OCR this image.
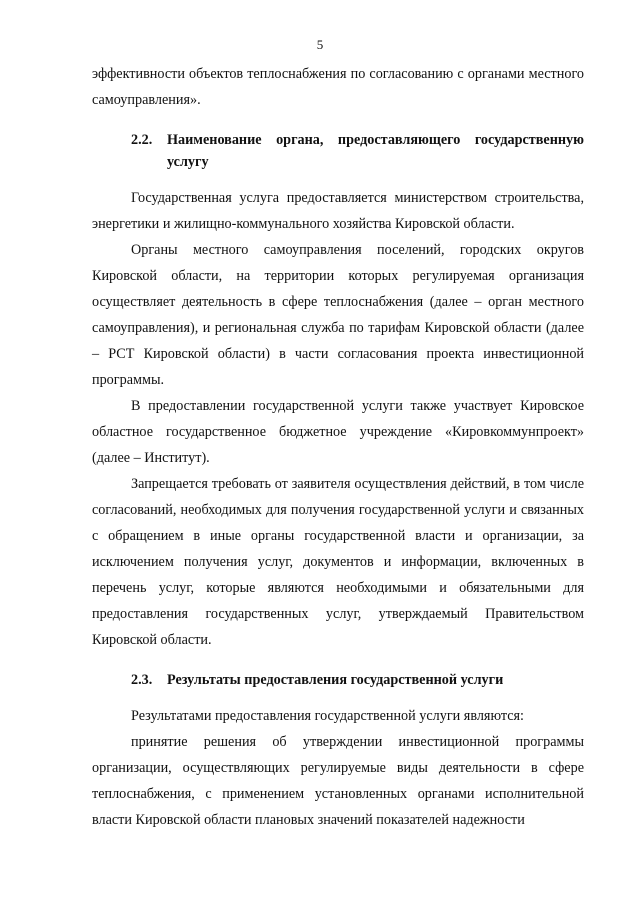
5

эффективности объектов теплоснабжения по согласованию с органами местного самоуправления».

2.2.	Наименование органа, предоставляющего государственную услугу

Государственная услуга предоставляется министерством строительства, энергетики и жилищно-коммунального хозяйства Кировской области.

Органы местного самоуправления поселений, городских округов Кировской области, на территории которых регулируемая организация осуществляет деятельность в сфере теплоснабжения (далее – орган местного самоуправления), и региональная служба по тарифам Кировской области (далее – РСТ Кировской области) в части согласования проекта инвестиционной программы.

В предоставлении государственной услуги также участвует Кировское областное государственное бюджетное учреждение «Кировкоммунпроект» (далее – Институт).

Запрещается требовать от заявителя осуществления действий, в том числе согласований, необходимых для получения государственной услуги и связанных с обращением в иные органы государственной власти и организации, за исключением получения услуг, документов и информации, включенных в перечень услуг, которые являются необходимыми и обязательными для предоставления государственных услуг, утверждаемый Правительством Кировской области.

2.3.	Результаты предоставления государственной услуги

Результатами предоставления государственной услуги являются:

принятие решения об утверждении инвестиционной программы организации, осуществляющих регулируемые виды деятельности в сфере теплоснабжения, с применением установленных органами исполнительной власти Кировской области плановых значений показателей надежности
